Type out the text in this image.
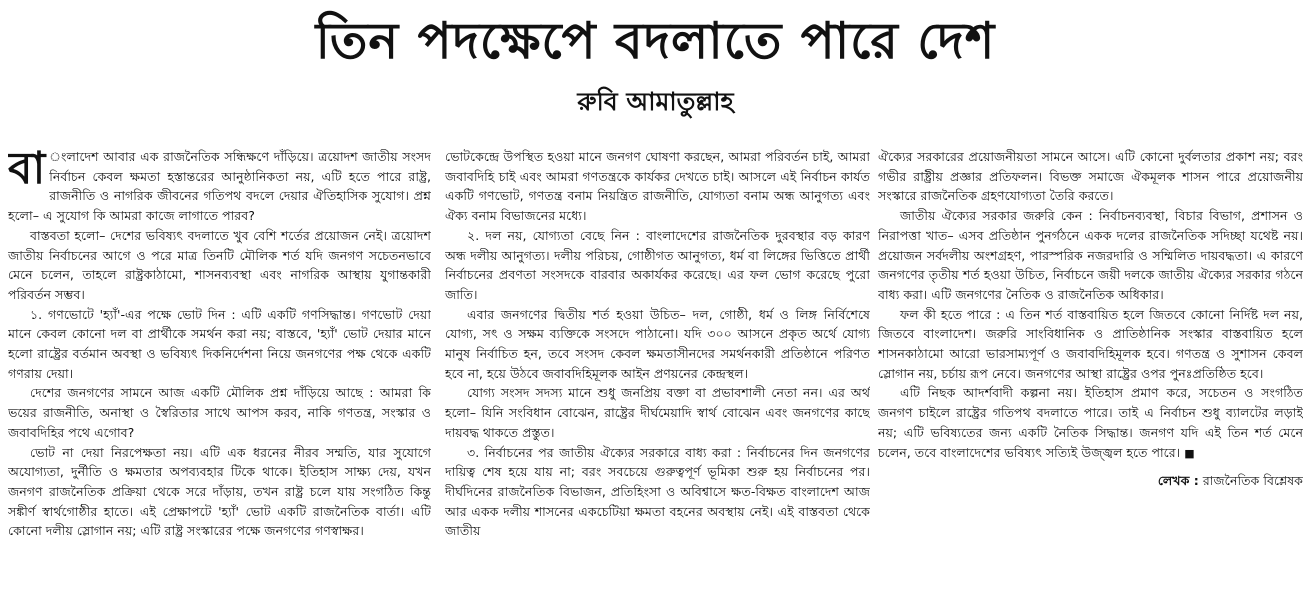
তিন পদক্ষেপে বদলাতে পারে দেশ
রুবি আমাতুল্লাহ

বা ংলাদেশ আবার এক রাজনৈতিক সন্ধিক্ষণে দাঁড়িয়ে। ত্রয়োদশ জাতীয় সংসদ নির্বাচন কেবল ক্ষমতা হস্তান্তরের আনুষ্ঠানিকতা নয়, এটি হতে পারে রাষ্ট্র, রাজনীতি ও নাগরিক জীবনের গতিপথ বদলে দেয়ার ঐতিহাসিক সুযোগ। প্রশ্ন হলো– এ সুযোগ কি আমরা কাজে লাগাতে পারব?

বাস্তবতা হলো– দেশের ভবিষ্যৎ বদলাতে খুব বেশি শর্তের প্রয়োজন নেই। ত্রয়োদশ জাতীয় নির্বাচনের আগে ও পরে মাত্র তিনটি মৌলিক শর্ত যদি জনগণ সচেতনভাবে মেনে চলেন, তাহলে রাষ্ট্রকাঠামো, শাসনব্যবস্থা এবং নাগরিক আস্থায় যুগান্তকারী পরিবর্তন সম্ভব।

১. গণভোটে 'হ্যাঁ'-এর পক্ষে ভোট দিন : এটি একটি গণসিদ্ধান্ত। গণভোট দেয়া মানে কেবল কোনো দল বা প্রার্থীকে সমর্থন করা নয়; বাস্তবে, 'হ্যাঁ' ভোট দেয়ার মানে হলো রাষ্ট্রের বর্তমান অবস্থা ও ভবিষ্যৎ দিকনির্দেশনা নিয়ে জনগণের পক্ষ থেকে একটি গণরায় দেয়া।

দেশের জনগণের সামনে আজ একটি মৌলিক প্রশ্ন দাঁড়িয়ে আছে : আমরা কি ভয়ের রাজনীতি, অনাস্থা ও স্বৈরিতার সাথে আপস করব, নাকি গণতন্ত্র, সংস্কার ও জবাবদিহির পথে এগোব?

ভোট না দেয়া নিরপেক্ষতা নয়। এটি এক ধরনের নীরব সম্মতি, যার সুযোগে অযোগ্যতা, দুর্নীতি ও ক্ষমতার অপব্যবহার টিকে থাকে। ইতিহাস সাক্ষ্য দেয়, যখন জনগণ রাজনৈতিক প্রক্রিয়া থেকে সরে দাঁড়ায়, তখন রাষ্ট্র চলে যায় সংগঠিত কিন্তু সঙ্কীর্ণ স্বার্থগোষ্ঠীর হাতে। এই প্রেক্ষাপটে 'হ্যাঁ' ভোট একটি রাজনৈতিক বার্তা। এটি কোনো দলীয় স্লোগান নয়; এটি রাষ্ট্র সংস্কারের পক্ষে জনগণের গণস্বাক্ষর।

ভোটকেন্দ্রে উপস্থিত হওয়া মানে জনগণ ঘোষণা করছেন, আমরা পরিবর্তন চাই, আমরা জবাবদিহি চাই এবং আমরা গণতন্ত্রকে কার্যকর দেখতে চাই। আসলে এই নির্বাচন কার্যত একটি গণভোট, গণতন্ত্র বনাম নিয়ন্ত্রিত রাজনীতি, যোগ্যতা বনাম অন্ধ আনুগত্য এবং ঐক্য বনাম বিভাজনের মধ্যে।

২. দল নয়, যোগ্যতা বেছে নিন : বাংলাদেশের রাজনৈতিক দুরবস্থার বড় কারণ অন্ধ দলীয় আনুগত্য। দলীয় পরিচয়, গোষ্ঠীগত আনুগত্য, ধর্ম বা লিঙ্গের ভিত্তিতে প্রার্থী নির্বাচনের প্রবণতা সংসদকে বারবার অকার্যকর করেছে। এর ফল ভোগ করেছে পুরো জাতি।

এবার জনগণের দ্বিতীয় শর্ত হওয়া উচিত– দল, গোষ্ঠী, ধর্ম ও লিঙ্গ নির্বিশেষে যোগ্য, সৎ ও সক্ষম ব্যক্তিকে সংসদে পাঠানো। যদি ৩০০ আসনে প্রকৃত অর্থে যোগ্য মানুষ নির্বাচিত হন, তবে সংসদ কেবল ক্ষমতাসীনদের সমর্থনকারী প্রতিষ্ঠানে পরিণত হবে না, হয়ে উঠবে জবাবদিহিমূলক আইন প্রণয়নের কেন্দ্রস্থল।

যোগ্য সংসদ সদস্য মানে শুধু জনপ্রিয় বক্তা বা প্রভাবশালী নেতা নন। এর অর্থ হলো– যিনি সংবিধান বোঝেন, রাষ্ট্রের দীর্ঘমেয়াদি স্বার্থ বোঝেন এবং জনগণের কাছে দায়বদ্ধ থাকতে প্রস্তুত।

৩. নির্বাচনের পর জাতীয় ঐক্যের সরকারে বাধ্য করা : নির্বাচনের দিন জনগণের দায়িত্ব শেষ হয়ে যায় না; বরং সবচেয়ে গুরুত্বপূর্ণ ভূমিকা শুরু হয় নির্বাচনের পর। দীর্ঘদিনের রাজনৈতিক বিভাজন, প্রতিহিংসা ও অবিশ্বাসে ক্ষত-বিক্ষত বাংলাদেশ আজ আর একক দলীয় শাসনের একচেটিয়া ক্ষমতা বহনের অবস্থায় নেই। এই বাস্তবতা থেকে জাতীয়

ঐক্যের সরকারের প্রয়োজনীয়তা সামনে আসে। এটি কোনো দুর্বলতার প্রকাশ নয়; বরং গভীর রাষ্ট্রীয় প্রজ্ঞার প্রতিফলন। বিভক্ত সমাজে ঐকমূলক শাসন পারে প্রয়োজনীয় সংস্কারে রাজনৈতিক গ্রহণযোগ্যতা তৈরি করতে।

জাতীয় ঐক্যের সরকার জরুরি কেন : নির্বাচনব্যবস্থা, বিচার বিভাগ, প্রশাসন ও নিরাপত্তা খাত– এসব প্রতিষ্ঠান পুনর্গঠনে একক দলের রাজনৈতিক সদিচ্ছা যথেষ্ট নয়। প্রয়োজন সর্বদলীয় অংশগ্রহণ, পারস্পরিক নজরদারি ও সম্মিলিত দায়বদ্ধতা। এ কারণে জনগণের তৃতীয় শর্ত হওয়া উচিত, নির্বাচনে জয়ী দলকে জাতীয় ঐক্যের সরকার গঠনে বাধ্য করা। এটি জনগণের নৈতিক ও রাজনৈতিক অধিকার।

ফল কী হতে পারে : এ তিন শর্ত বাস্তবায়িত হলে জিতবে কোনো নির্দিষ্ট দল নয়, জিতবে বাংলাদেশ। জরুরি সাংবিধানিক ও প্রাতিষ্ঠানিক সংস্কার বাস্তবায়িত হলে শাসনকাঠামো আরো ভারসাম্যপূর্ণ ও জবাবদিহিমূলক হবে। গণতন্ত্র ও সুশাসন কেবল স্লোগান নয়, চর্চায় রূপ নেবে। জনগণের আস্থা রাষ্ট্রের ওপর পুনঃপ্রতিষ্ঠিত হবে।

এটি নিছক আদর্শবাদী কল্পনা নয়। ইতিহাস প্রমাণ করে, সচেতন ও সংগঠিত জনগণ চাইলে রাষ্ট্রের গতিপথ বদলাতে পারে। তাই এ নির্বাচন শুধু ব্যালটের লড়াই নয়; এটি ভবিষ্যতের জন্য একটি নৈতিক সিদ্ধান্ত। জনগণ যদি এই তিন শর্ত মেনে চলেন, তবে বাংলাদেশের ভবিষ্যৎ সত্যিই উজ্জ্বল হতে পারে। ■

লেখক : রাজনৈতিক বিশ্লেষক
